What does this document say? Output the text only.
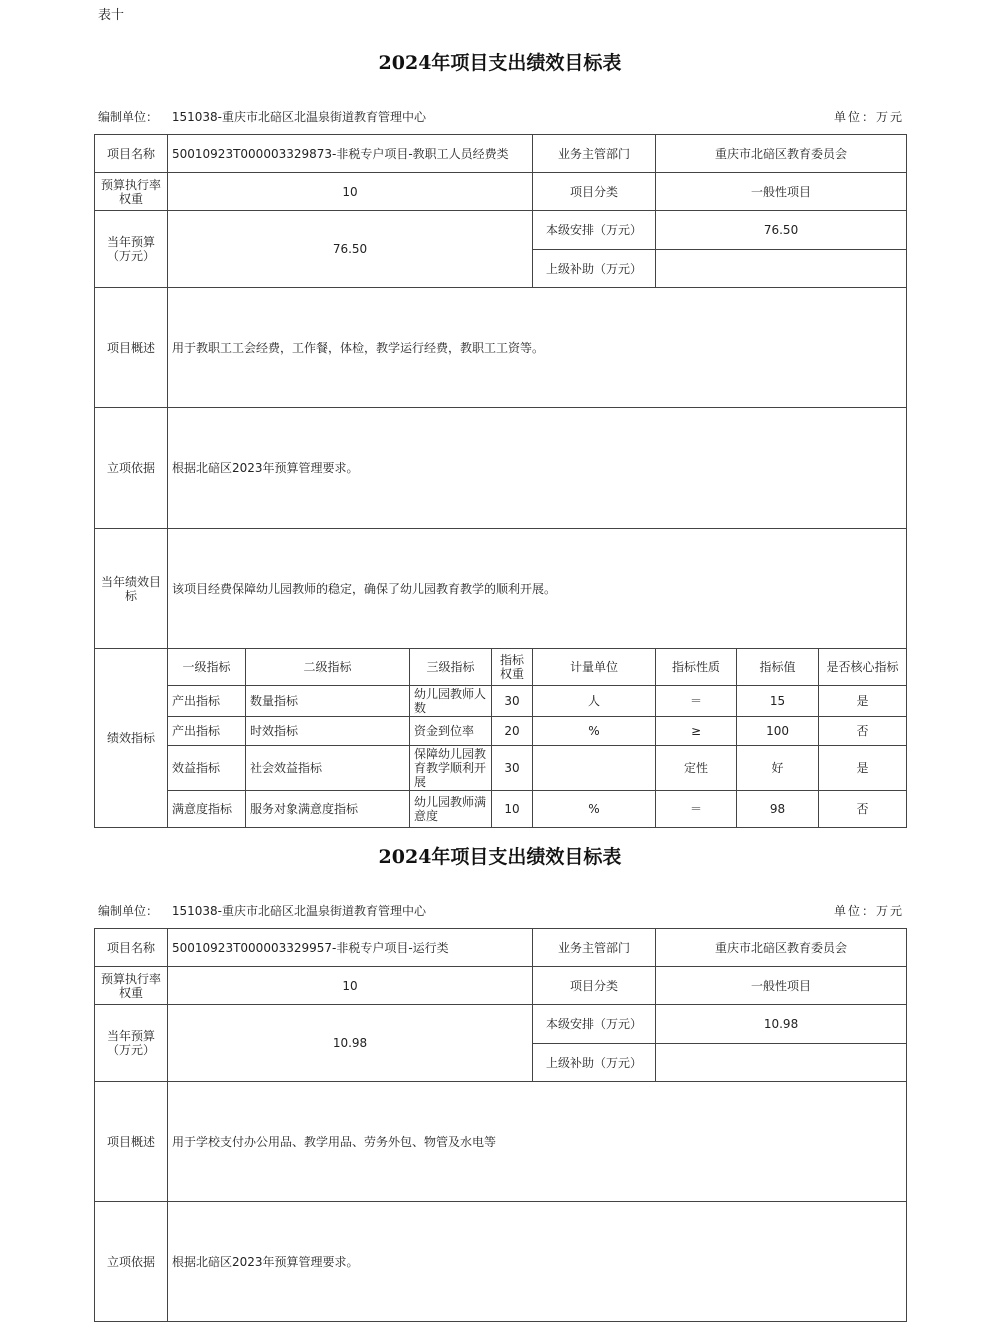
表十
2024年项目支出绩效目标表
编制单位： 151038-重庆市北碚区北温泉街道教育管理中心	单位：万元
项目名称	50010923T000003329873-非税专户项目-教职工人员经费类				业务主管部门	重庆市北碚区教育委员会		
预算执行率权重	10				项目分类	一般性项目		
当年预算（万元）	76.50				本级安排（万元）	76.50		
					上级补助（万元）			
项目概述	用于教职工工会经费，工作餐，体检，教学运行经费，教职工工资等。							
立项依据	根据北碚区2023年预算管理要求。							
当年绩效目标	该项目经费保障幼儿园教师的稳定，确保了幼儿园教育教学的顺利开展。							
绩效指标	一级指标	二级指标	三级指标	指标权重	计量单位	指标性质	指标值	是否核心指标
	产出指标	数量指标	幼儿园教师人数	30	人	＝	15	是
	产出指标	时效指标	资金到位率	20	%	≥	100	否
	效益指标	社会效益指标	保障幼儿园教育教学顺利开展	30		定性	好	是
	满意度指标	服务对象满意度指标	幼儿园教师满意度	10	%	＝	98	否
2024年项目支出绩效目标表
编制单位： 151038-重庆市北碚区北温泉街道教育管理中心	单位：万元
项目名称	50010923T000003329957-非税专户项目-运行类	业务主管部门	重庆市北碚区教育委员会
预算执行率权重	10	项目分类	一般性项目
当年预算（万元）	10.98	本级安排（万元）	10.98
		上级补助（万元）	
项目概述	用于学校支付办公用品、教学用品、劳务外包、物管及水电等		
立项依据	根据北碚区2023年预算管理要求。		
